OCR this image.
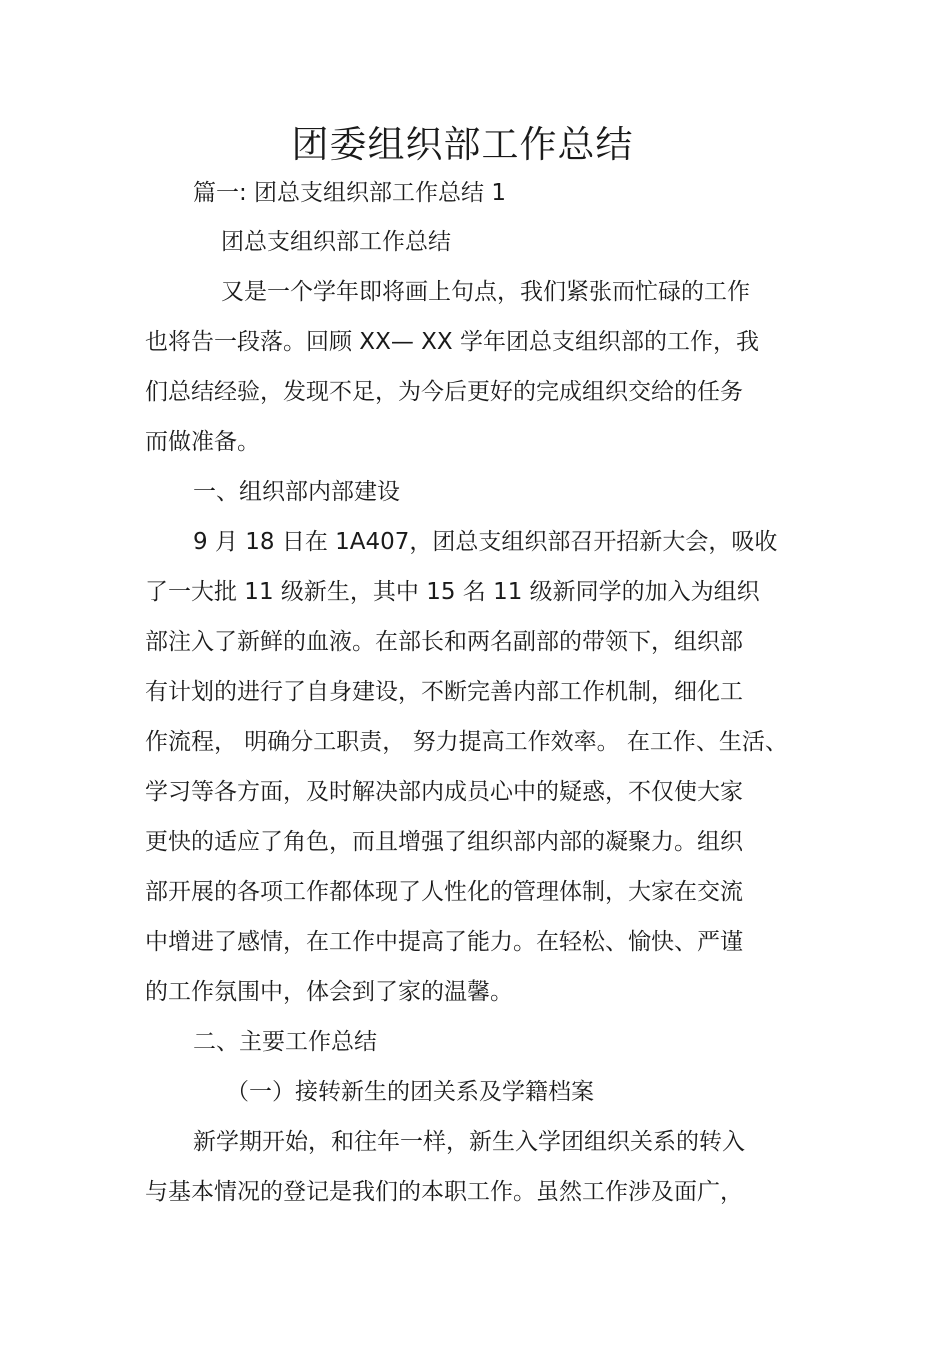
团委组织部工作总结
篇一: 团总支组织部工作总结 1
团总支组织部工作总结
又是一个学年即将画上句点，我们紧张而忙碌的工作
也将告一段落。回顾 XX— XX 学年团总支组织部的工作，我
们总结经验，发现不足，为今后更好的完成组织交给的任务
而做准备。
一、组织部内部建设
9 月 18 日在 1A407，团总支组织部召开招新大会，吸收
了一大批 11 级新生，其中 15 名 11 级新同学的加入为组织
部注入了新鲜的血液。在部长和两名副部的带领下，组织部
有计划的进行了自身建设，不断完善内部工作机制，细化工
作流程， 明确分工职责， 努力提高工作效率。 在工作、生活、
学习等各方面，及时解决部内成员心中的疑惑，不仅使大家
更快的适应了角色，而且增强了组织部内部的凝聚力。组织
部开展的各项工作都体现了人性化的管理体制，大家在交流
中增进了感情，在工作中提高了能力。在轻松、愉快、严谨
的工作氛围中，体会到了家的温馨。
二、主要工作总结
（一）接转新生的团关系及学籍档案
新学期开始，和往年一样，新生入学团组织关系的转入
与基本情况的登记是我们的本职工作。虽然工作涉及面广，
